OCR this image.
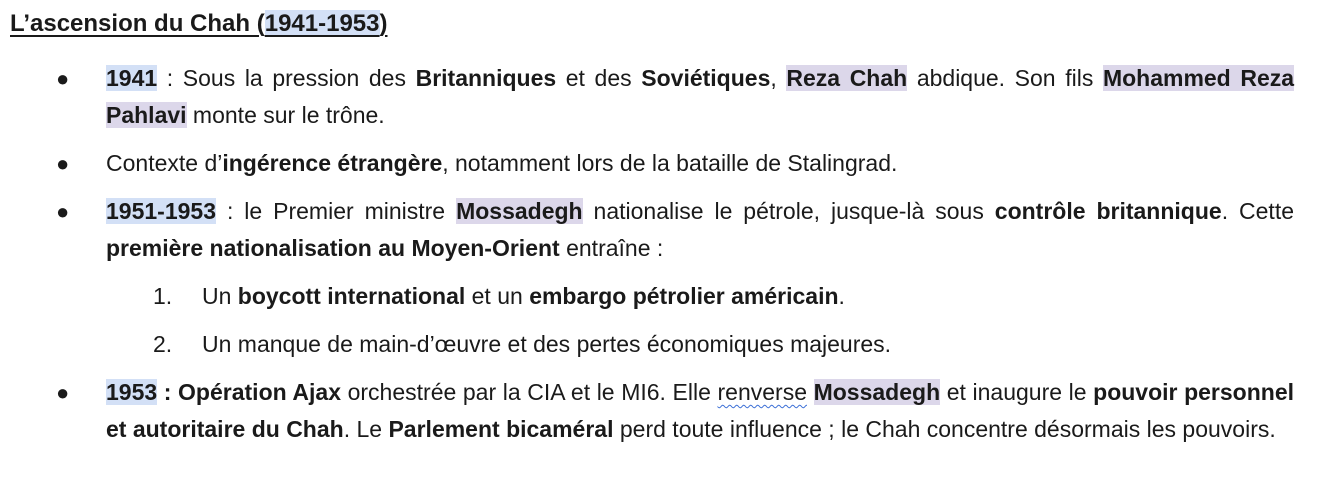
L’ascension du Chah (1941-1953)
● 1941 : Sous la pression des Britanniques et des Soviétiques, Reza Chah abdique. Son fils Mohammed Reza Pahlavi monte sur le trône.
● Contexte d’ingérence étrangère, notamment lors de la bataille de Stalingrad.
● 1951-1953 : le Premier ministre Mossadegh nationalise le pétrole, jusque-là sous contrôle britannique. Cette première nationalisation au Moyen-Orient entraîne :
1. Un boycott international et un embargo pétrolier américain.
2. Un manque de main-d’œuvre et des pertes économiques majeures.
● 1953 : Opération Ajax orchestrée par la CIA et le MI6. Elle renverse Mossadegh et inaugure le pouvoir personnel et autoritaire du Chah. Le Parlement bicaméral perd toute influence ; le Chah concentre désormais les pouvoirs.
